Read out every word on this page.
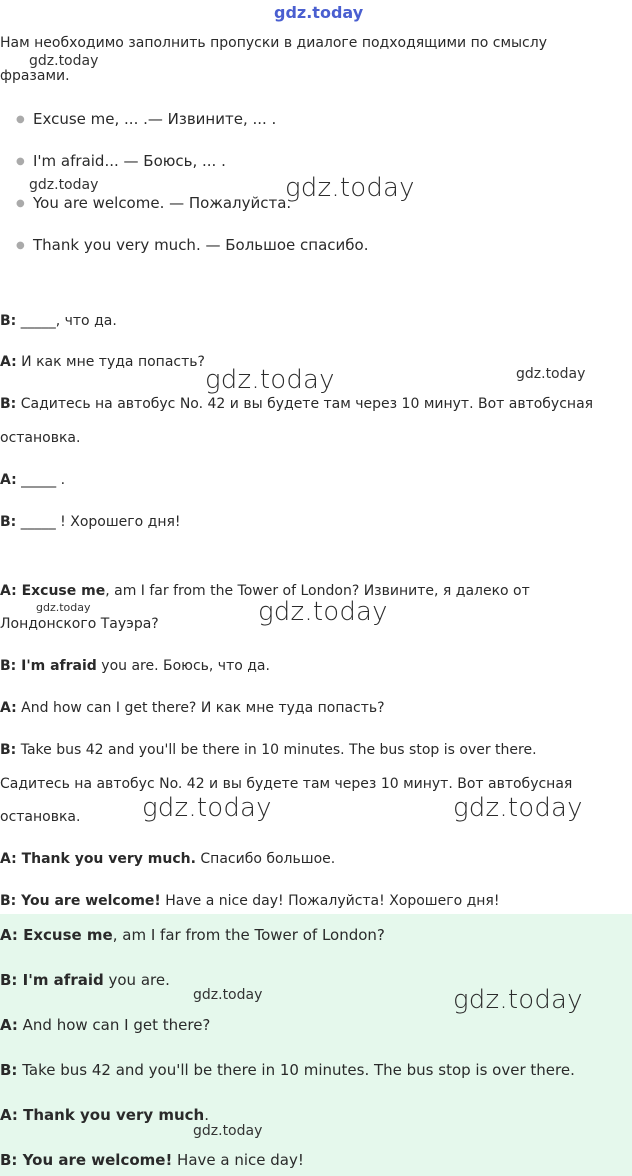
gdz.today
Нам необходимо заполнить пропуски в диалоге подходящими по смыслу
фразами.
● Excuse me, ... .— Извините, ... .
● I'm afraid... — Боюсь, ... .
● You are welcome. — Пожалуйста.
● Thank you very much. — Большое спасибо.
B: _____, что да.
A: И как мне туда попасть?
B: Садитесь на автобус No. 42 и вы будете там через 10 минут. Вот автобусная
остановка.
A: _____ .
B: _____ ! Хорошего дня!
A: Excuse me, am I far from the Tower of London? Извините, я далеко от
Лондонского Тауэра?
B: I'm afraid you are. Боюсь, что да.
A: And how can I get there? И как мне туда попасть?
B: Take bus 42 and you'll be there in 10 minutes. The bus stop is over there.
Садитесь на автобус No. 42 и вы будете там через 10 минут. Вот автобусная
остановка.
A: Thank you very much. Спасибо большое.
B: You are welcome! Have a nice day! Пожалуйста! Хорошего дня!
A: Excuse me, am I far from the Tower of London?
B: I'm afraid you are.
A: And how can I get there?
B: Take bus 42 and you'll be there in 10 minutes. The bus stop is over there.
A: Thank you very much.
B: You are welcome! Have a nice day!
gdz.today
gdz.today	gdz.today
gdz.today	gdz.today
gdz.today	gdz.today
gdz.today	gdz.today
gdz.today	gdz.today
gdz.today
